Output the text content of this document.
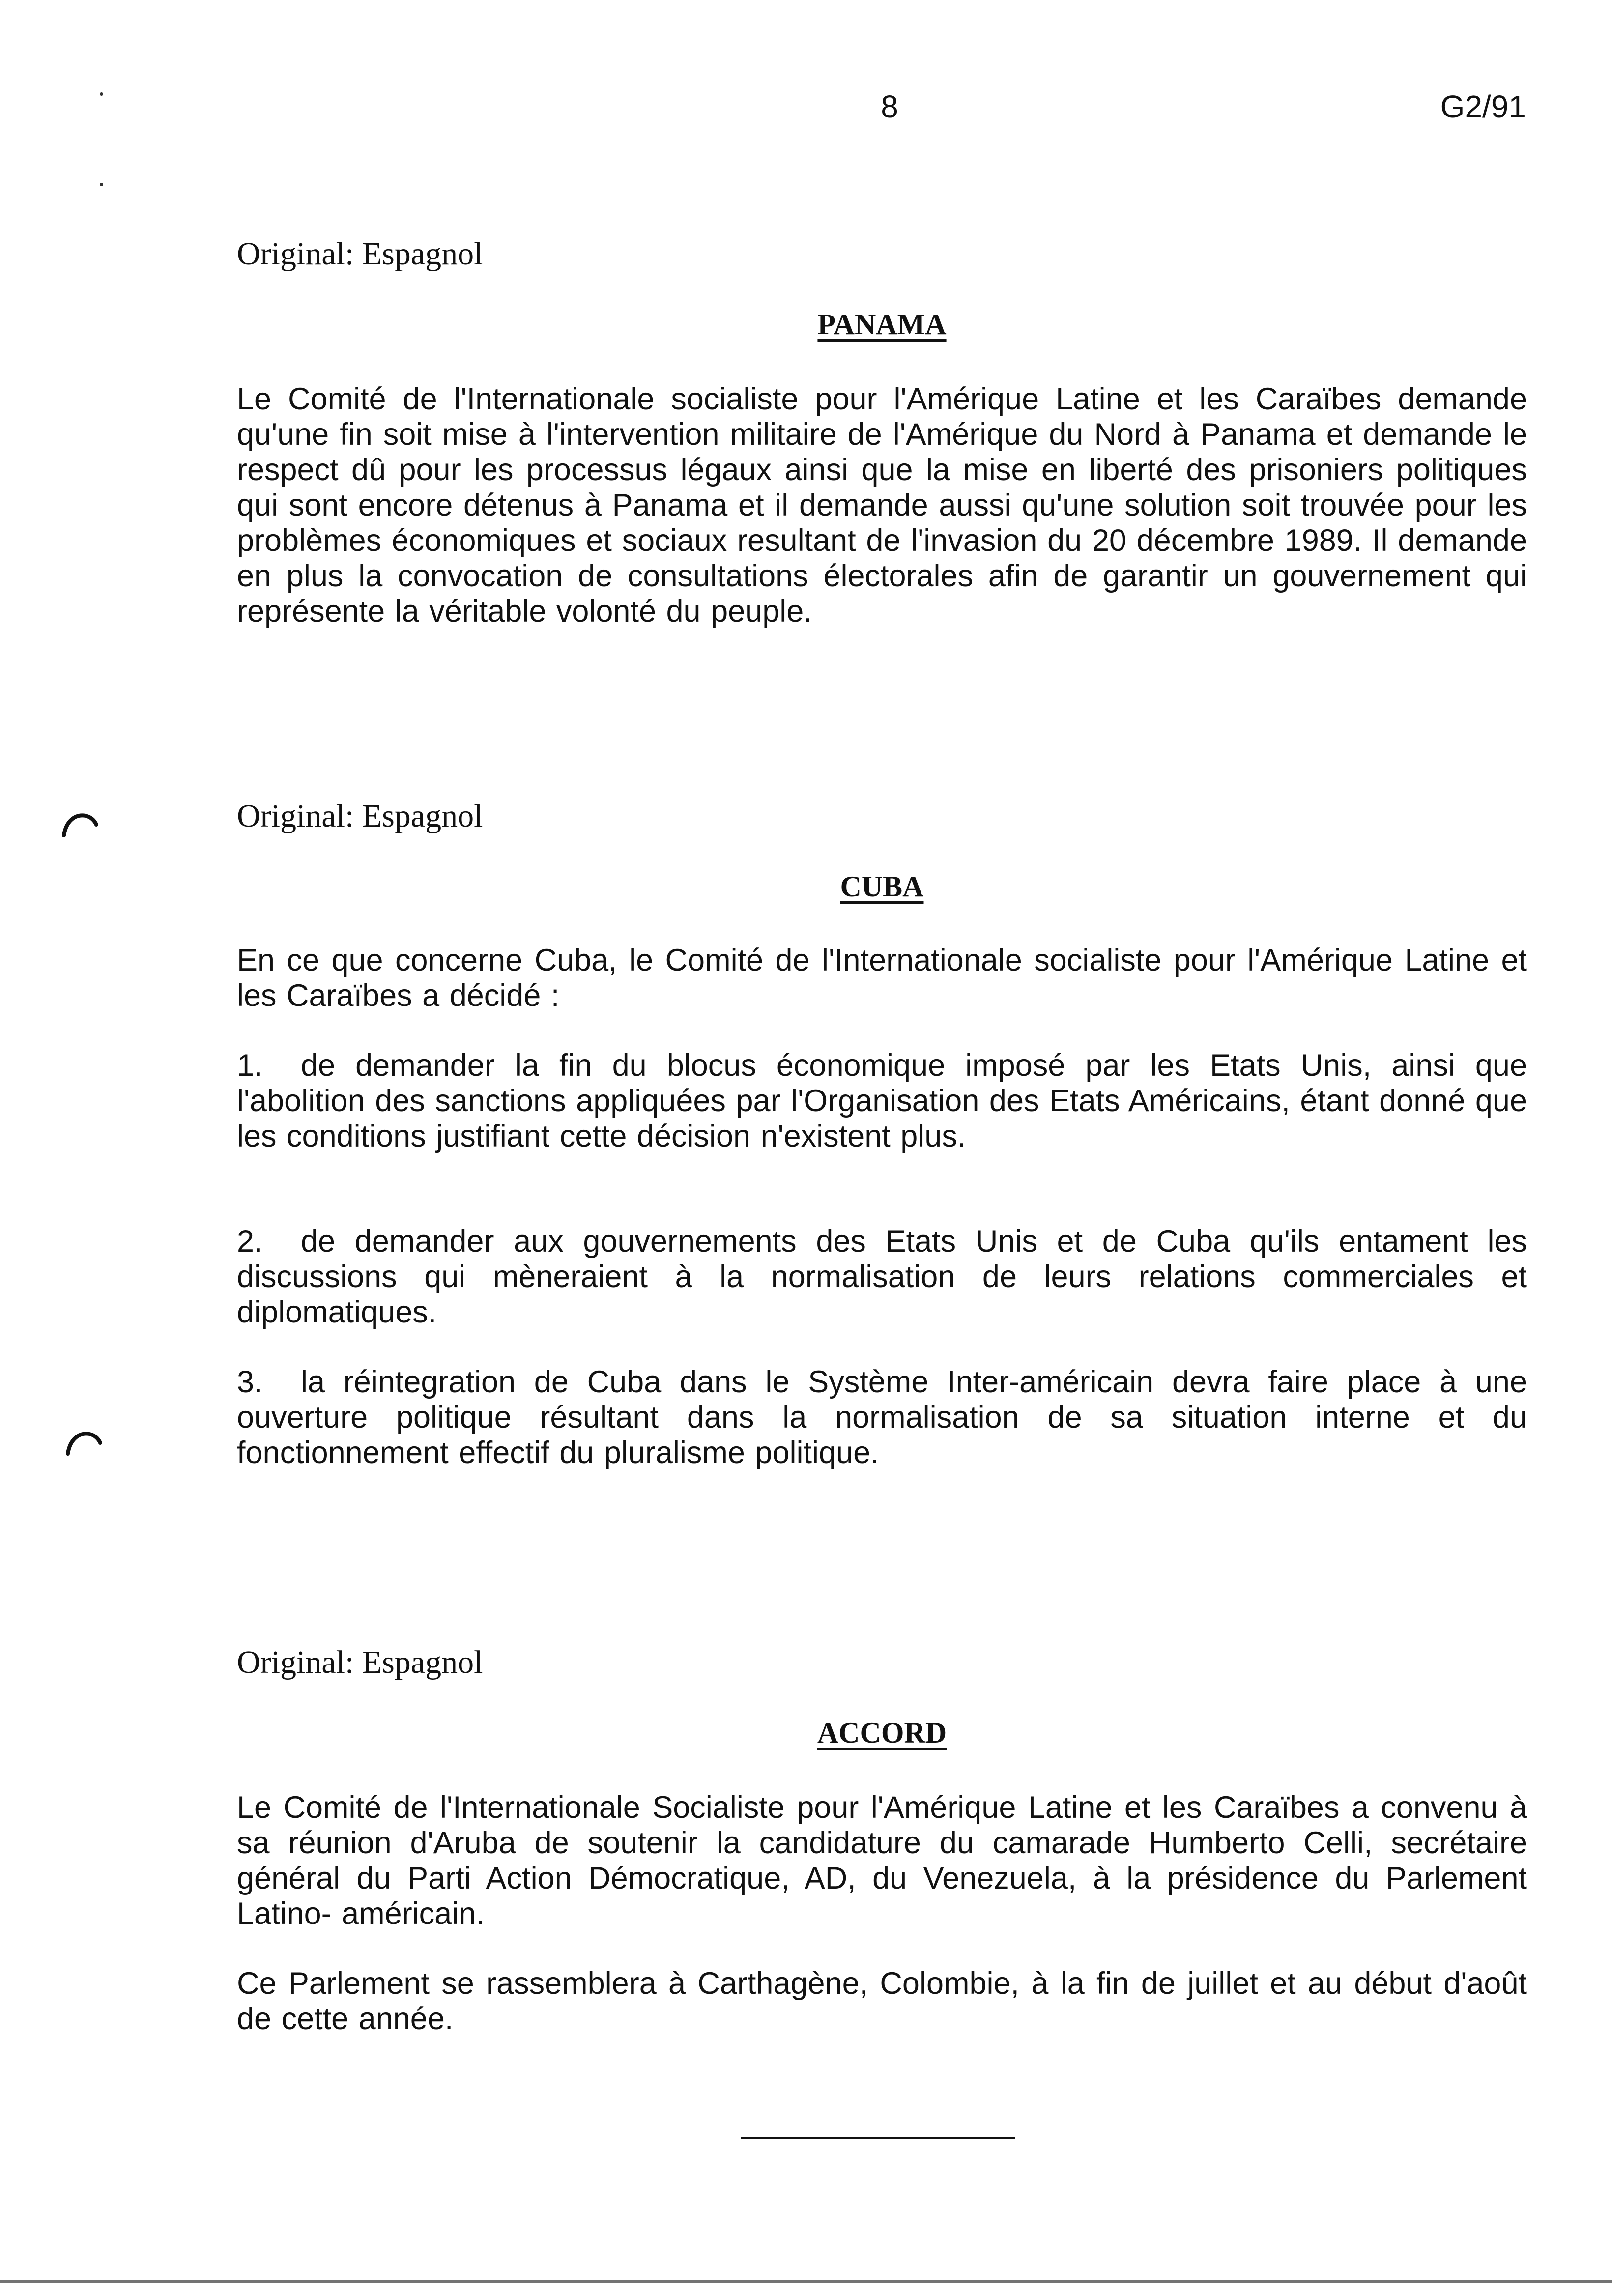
8	G2/91
Original: Espagnol
PANAMA

Le Comité de l'Internationale socialiste pour l'Amérique Latine et les Caraïbes demande qu'une fin soit mise à l'intervention militaire de l'Amérique du Nord à Panama et demande le respect dû pour les processus légaux ainsi que la mise en liberté des prisoniers politiques qui sont encore détenus à Panama et il demande aussi qu'une solution soit trouvée pour les problèmes économiques et sociaux resultant de l'invasion du 20 décembre 1989. Il demande en plus la convocation de consultations électorales afin de garantir un gouvernement qui représente la véritable volonté du peuple.

Original: Espagnol
CUBA

En ce que concerne Cuba, le Comité de l'Internationale socialiste pour l'Amérique Latine et les Caraïbes a décidé :

1. de demander la fin du blocus économique imposé par les Etats Unis, ainsi que l'abolition des sanctions appliquées par l'Organisation des Etats Américains, étant donné que les conditions justifiant cette décision n'existent plus.

2. de demander aux gouvernements des Etats Unis et de Cuba qu'ils entament les discussions qui mèneraient à la normalisation de leurs relations commerciales et diplomatiques.

3. la réintegration de Cuba dans le Système Inter-américain devra faire place à une ouverture politique résultant dans la normalisation de sa situation interne et du fonctionnement effectif du pluralisme politique.

Original: Espagnol
ACCORD

Le Comité de l'Internationale Socialiste pour l'Amérique Latine et les Caraïbes a convenu à sa réunion d'Aruba de soutenir la candidature du camarade Humberto Celli, secrétaire général du Parti Action Démocratique, AD, du Venezuela, à la présidence du Parlement Latino- américain.

Ce Parlement se rassemblera à Carthagène, Colombie, à la fin de juillet et au début d'août de cette année.
